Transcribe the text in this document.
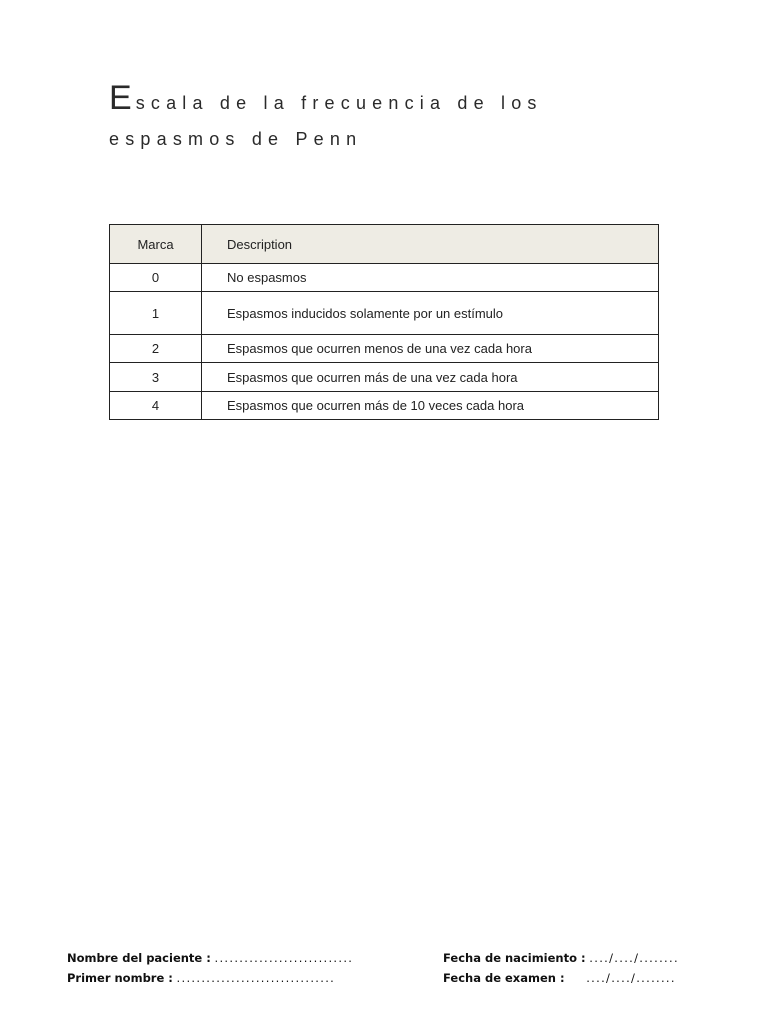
Escala de la frecuencia de los espasmos de Penn
Marca	Description
0	No espasmos
1	Espasmos inducidos solamente por un estímulo
2	Espasmos que ocurren menos de una vez cada hora
3	Espasmos que ocurren más de una vez cada hora
4	Espasmos que ocurren más de 10 veces cada hora
Nombre del paciente : ............................	Fecha de nacimiento : ..../..../........
Primer nombre : ................................	Fecha de examen : ..../..../........
